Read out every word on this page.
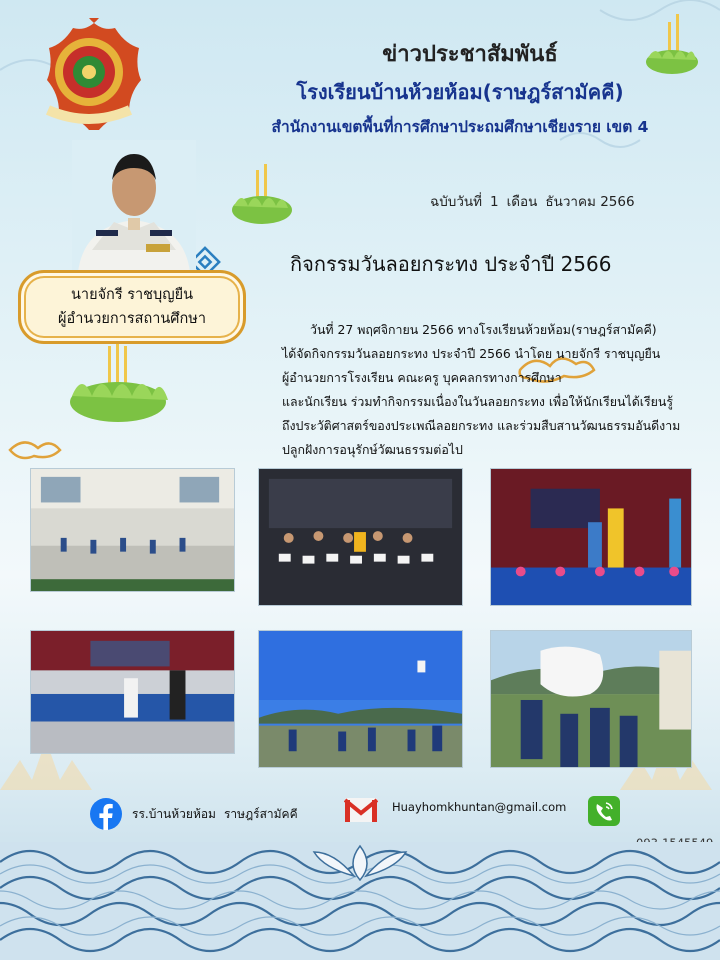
ข่าวประชาสัมพันธ์
โรงเรียนบ้านห้วยห้อม(ราษฎร์สามัคคี)
สำนักงานเขตพื้นที่การศึกษาประถมศึกษาเชียงราย เขต 4
ฉบับวันที่ 1 เดือน ธันวาคม 2566
กิจกรรมวันลอยกระทง ประจำปี 2566
นายจักรี ราชบุญยืน
ผู้อำนวยการสถานศึกษา

วันที่ 27 พฤศจิกายน 2566 ทางโรงเรียนห้วยห้อม(ราษฎร์สามัคคี)

ได้จัดกิจกรรมวันลอยกระทง ประจำปี 2566 นำโดย นายจักรี ราชบุญยืน

ผู้อำนวยการโรงเรียน คณะครู บุคคลกรทางการศึกษา

และนักเรียน ร่วมทำกิจกรรมเนื่องในวันลอยกระทง เพื่อให้นักเรียนได้เรียนรู้

ถึงประวัติศาสตร์ของประเพณีลอยกระทง และร่วมสืบสานวัฒนธรรมอันดีงาม

ปลูกฝังการอนุรักษ์วัฒนธรรมต่อไป

รร.บ้านห้วยห้อม ราษฎร์สามัคคี	Huayhomkhuntan@gmail.com
